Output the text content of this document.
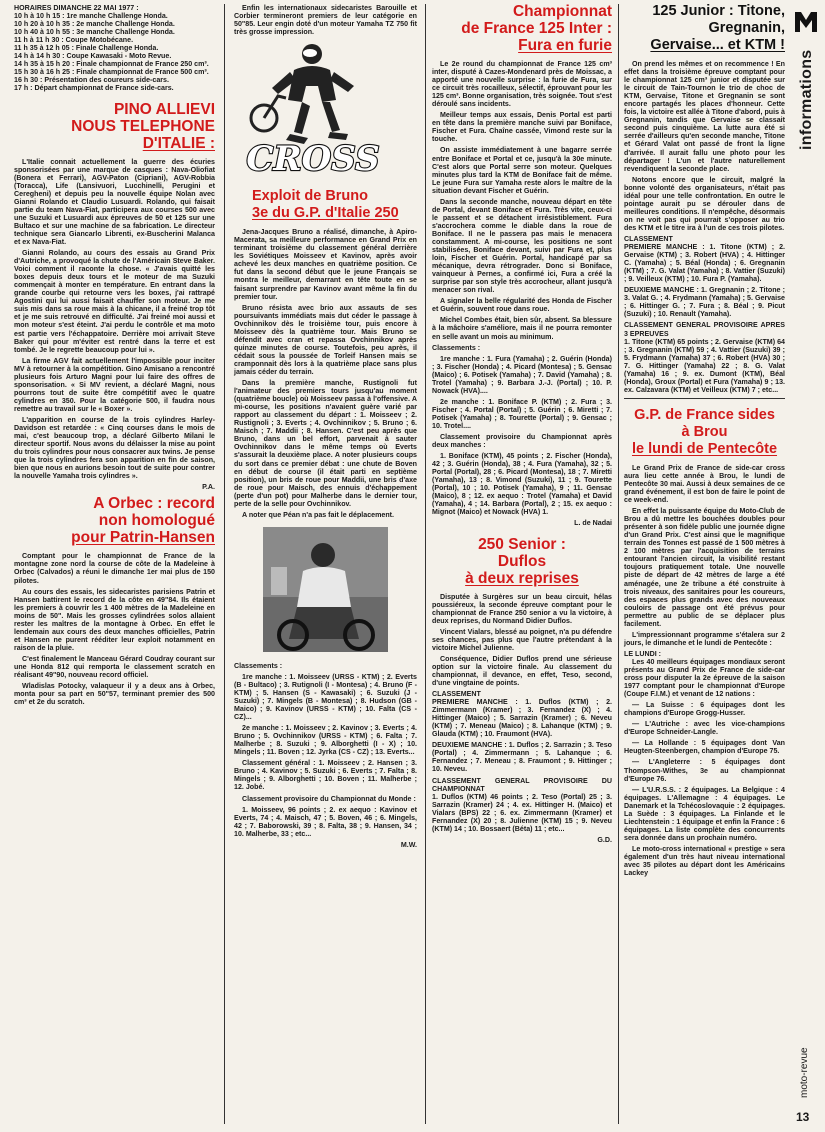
HORAIRES DIMANCHE 22 MAI 1977 :

10 h à 10 h 15 : 1re manche Challenge Honda.

10 h 20 à 10 h 35 : 2e manche Challenge Honda.

10 h 40 à 10 h 55 : 3e manche Challenge Honda.

11 h à 11 h 30 : Coupe Motobécane.

11 h 35 à 12 h 05 : Finale Challenge Honda.

14 h à 14 h 30 : Coupe Kawasaki - Moto Revue.

14 h 35 à 15 h 20 : Finale championnat de France 250 cm³.

15 h 30 à 16 h 25 : Finale championnat de France 500 cm³.

16 h 30 : Présentation des coureurs side-cars.

17 h : Départ championnat de France side-cars.

PINO ALLIEVI
NOUS TELEPHONE
D'ITALIE :

L'Italie connait actuellement la guerre des écuries sponsorisées par une marque de casques : Nava-Oliofiat (Bonera et Ferrari), AGV-Paton (Cipriani), AGV-Robbia (Toracca), Life (Lansivuori, Lucchinelli, Perugini et Ceregheni) et depuis peu la nouvelle équipe Nolan avec Gianni Rolando et Claudio Lusuardi. Rolando, qui faisait partie du team Nava-Fiat, participera aux courses 500 avec une Suzuki et Lusuardi aux épreuves de 50 et 125 sur une Bultaco et sur une machine de sa fabrication. Le directeur technique sera Giancarlo Librenti, ex-Buscherini Malanca et ex Nava-Fiat.

Gianni Rolando, au cours des essais au Grand Prix d'Autriche, a provoqué la chute de l'Américain Steve Baker. Voici comment il raconte la chose. « J'avais quitté les boxes depuis deux tours et le moteur de ma Suzuki commençait à monter en température. En entrant dans la grande courbe qui retourne vers les boxes, j'ai rattrapé Agostini qui lui aussi faisait chauffer son moteur. Je me suis mis dans sa roue mais à la chicane, il a freiné trop tôt et je me suis retrouvé en difficulté. J'ai freiné moi aussi et mon moteur s'est éteint. J'ai perdu le contrôle et ma moto est partie vers l'échappatoire. Derrière moi arrivait Steve Baker qui pour m'éviter est rentré dans la terre et est tombé. Je le regrette beaucoup pour lui ».

La firme AGV fait actuellement l'impossible pour inciter MV à retourner à la compétition. Gino Amisano a rencontré plusieurs fois Arturo Magni pour lui faire des offres de sponsorisation. « Si MV revient, a déclaré Magni, nous pourrons tout de suite être compétitif avec le quatre cylindres en 350. Pour la catégorie 500, il faudra nous remettre au travail sur le « Boxer ».

L'apparition en course de la trois cylindres Harley-Davidson est retardée : « Cinq courses dans le mois de mai, c'est beaucoup trop, a déclaré Gilberto Milani le directeur sportif. Nous avons du délaisser la mise au point du trois cylindres pour nous consacrer aux twins. Je pense que la trois cylindres fera son apparition en fin de saison, bien que nous en aurions besoin tout de suite pour contrer la nouvelle Yamaha trois cylindres ».

P.A.
A Orbec : record
non homologué
pour Patrin-Hansen

Comptant pour le championnat de France de la montagne zone nord la course de côte de la Madeleine à Orbec (Calvados) a réuni le dimanche 1er mai plus de 150 pilotes.

Au cours des essais, les sidecaristes parisiens Patrin et Hansen battirent le record de la côte en 49"84. Ils étaient les premiers à couvrir les 1 400 mètres de la Madeleine en moins de 50". Mais les grosses cylindrées solos allaient rester les maîtres de la montagne à Orbec. En effet le lendemain aux cours des deux manches officielles, Patrin et Hansen ne purent rééditer leur exploit notamment en raison de la pluie.

C'est finalement le Manceau Gérard Coudray courant sur une Honda 812 qui remporta le classement scratch en réalisant 49"90, nouveau record officiel.

Wladislas Potocky, valaqueur il y a deux ans à Orbec, monta pour sa part en 50"57, terminant premier des 500 cm³ et 2e du scratch.

Enfin les internationaux sidecaristes Barouille et Corbier termineront premiers de leur catégorie en 50"85. Leur engin doté d'un moteur Yamaha TZ 750 fit très grosse impression.

CROSS
Exploit de Bruno
3e du G.P. d'Italie 250

Jena-Jacques Bruno a réalisé, dimanche, à Apiro-Macerata, sa meilleure performance en Grand Prix en terminant troisième du classement général derrière les Soviétiques Moisseev et Kavinov, après avoir achevé les deux manches en quatrième position. Ce fut dans la second début que le jeune Français se montra le meilleur, demarrant en tête toute en se faisant surprendre par Kavinov avant même la fin du premier tour.

Bruno résista avec brio aux assauts de ses poursuivants immédiats mais dut céder le passage à Ovchinnikov dès le troisième tour, puis encore à Moisseev dès la quatrième tour. Mais Bruno se défendit avec cran et repassa Ovchinnikov après quinze minutes de course. Toutefois, peu après, il cédait sous la poussée de Torleif Hansen mais se cramponnait dès lors à la quatrième place sans plus jamais céder du terrain.

Dans la première manche, Rustignoli fut l'animateur des premiers tours jusqu'au moment (quatrième boucle) où Moisseev passa à l'offensive. A mi-course, les positions n'avaient guère varié par rapport au classement du départ : 1. Moisseev ; 2. Rustignoli ; 3. Everts ; 4. Ovchinnikov ; 5. Bruno ; 6. Maisch ; 7. Maddii ; 8. Hansen. C'est peu après que Bruno, dans un bel effort, parvenait à sauter Ovchinnikov dans le même temps où Everts s'assurait la deuxième place. A noter plusieurs coups du sort dans ce premier débat : une chute de Boven en début de course (il était parti en septième position), un bris de roue pour Maddii, une bris d'axe de roue pour Maisch, des ennuis d'échappement (perte d'un pot) pour Malherbe dans le dernier tour, perte de la selle pour Ovchinnikov.

A noter que Péan n'a pas fait le déplacement.

Classements :

1re manche : 1. Moisseev (URSS - KTM) ; 2. Everts (B - Bultaco) ; 3. Rutignoli (I - Montesa) ; 4. Bruno (F - KTM) ; 5. Hansen (S - Kawasaki) ; 6. Suzuki (J - Suzuki) ; 7. Mingels (B - Montesa) ; 8. Hudson (GB - Maico) ; 9. Kavinov (URSS - KTM) ; 10. Falta (CS - CZ)...

2e manche : 1. Moisseev ; 2. Kavinov ; 3. Everts ; 4. Bruno ; 5. Ovchinnikov (URSS - KTM) ; 6. Falta ; 7. Malherbe ; 8. Suzuki ; 9. Alborghetti (I - X) ; 10. Mingels ; 11. Boven ; 12. Jyrka (CS - CZ) ; 13. Everts...

Classement général : 1. Moisseev ; 2. Hansen ; 3. Bruno ; 4. Kavinov ; 5. Suzuki ; 6. Everts ; 7. Falta ; 8. Mingels ; 9. Alborghetti ; 10. Boven ; 11. Malherbe ; 12. Jobé.

Classement provisoire du Championnat du Monde :

1. Moisseev, 96 points ; 2. ex aequo : Kavinov et Everts, 74 ; 4. Maisch, 47 ; 5. Boven, 46 ; 6. Mingels, 42 ; 7. Baborowski, 39 ; 8. Falta, 38 ; 9. Hansen, 34 ; 10. Malherbe, 33 ; etc...

M.W.
Championnat
de France 125 Inter :
Fura en furie

Le 2e round du championnat de France 125 cm³ inter, disputé à Cazes-Mondenard près de Moissac, a apporté une nouvelle surprise : la furie de Fura, sur ce circuit très rocailleux, sélectif, éprouvant pour les 125 cm³. Bonne organisation, très soignée. Tout s'est déroulé sans incidents.

Meilleur temps aux essais, Denis Portal est parti en tête dans la première manche suivi par Boniface, Fischer et Fura. Chaîne cassée, Vimond reste sur la touche.

On assiste immédiatement à une bagarre serrée entre Boniface et Portal et ce, jusqu'à la 30e minute. C'est alors que Portal serre son moteur. Quelques minutes plus tard la KTM de Boniface fait de même. Le jeune Fura sur Yamaha reste alors le maître de la situation devant Fischer et Guérin.

Dans la seconde manche, nouveau départ en tête de Portal, devant Boniface et Fura. Très vite, ceux-ci le passent et se détachent irrésistiblement. Fura s'accrochera comme le diable dans la roue de Boniface. Il ne le passera pas mais le menacera constamment. A mi-course, les positions ne sont stabilisées, Boniface devant, suivi par Fura et, plus loin, Fischer et Guérin. Portal, handicapé par sa mécanique, devra rétrograder. Donc si Boniface, vainqueur à Pernes, a confirmé ici, Fura a créé la surprise par son style très accrocheur, allant jusqu'à menacer son rival.

A signaler la belle régularité des Honda de Fischer et Guérin, souvent roue dans roue.

Michel Combes était, bien sûr, absent. Sa blessure à la mâchoire s'améliore, mais il ne pourra remonter en selle avant un mois au minimum.

Classements :

1re manche : 1. Fura (Yamaha) ; 2. Guérin (Honda) ; 3. Fischer (Honda) ; 4. Picard (Montesa) ; 5. Gensac (Maico) ; 6. Potisek (Yamaha) ; 7. David (Yamaha) ; 8. Trotel (Yamaha) ; 9. Barbara J.-J. (Portal) ; 10. P. Nowack (HVA)....

2e manche : 1. Boniface P. (KTM) ; 2. Fura ; 3. Fischer ; 4. Portal (Portal) ; 5. Guérin ; 6. Miretti ; 7. Potisek (Yamaha) ; 8. Tourette (Portal) ; 9. Gensac ; 10. Trotel....

Classement provisoire du Championnat après deux manches :

1. Boniface (KTM), 45 points ; 2. Fischer (Honda), 42 ; 3. Guérin (Honda), 38 ; 4. Fura (Yamaha), 32 ; 5. Portal (Portal), 28 ; 6. Picard (Montesa), 18 ; 7. Miretti (Yamaha), 13 ; 8. Vimond (Suzuki), 11 ; 9. Tourette (Portal), 10 ; 10. Potisek (Yamaha), 9 ; 11. Gensac (Maico), 8 ; 12. ex aequo : Trotel (Yamaha) et David (Yamaha), 4 ; 14. Barbara (Portal), 2 ; 15. ex aequo : Mignot (Maico) et Nowack (HVA) 1.

L. de Nadai
250 Senior :
Duflos
à deux reprises

Disputée à Surgères sur un beau circuit, hélas poussiéreux, la seconde épreuve comptant pour le championnat de France 250 senior a vu la victoire, à deux reprises, du Normand Didier Duflos.

Vincent Vialars, blessé au poignet, n'a pu défendre ses chances, pas plus que l'autre prétendant à la victoire Michel Julienne.

Conséquence, Didier Duflos prend une sérieuse option sur la victoire finale. Au classement du championnat, il devance, en effet, Teso, second, d'une vingtaine de points.

CLASSEMENT

PREMIERE MANCHE : 1. Duflos (KTM) ; 2. Zimmermann (Kramer) ; 3. Fernandez (X) ; 4. Hittinger (Maico) ; 5. Sarrazin (Kramer) ; 6. Neveu (KTM) ; 7. Meneau (Maico) ; 8. Lahanque (KTM) ; 9. Glauda (KTM) ; 10. Fraumont (HVA).

DEUXIEME MANCHE : 1. Duflos ; 2. Sarrazin ; 3. Teso (Portal) ; 4. Zimmermann ; 5. Lahanque ; 6. Fernandez ; 7. Meneau ; 8. Fraumont ; 9. Hittinger ; 10. Neveu.

CLASSEMENT GENERAL PROVISOIRE DU CHAMPIONNAT

1. Duflos (KTM) 46 points ; 2. Teso (Portal) 25 ; 3. Sarrazin (Kramer) 24 ; 4. ex. Hittinger H. (Maico) et Vialars (BPS) 22 ; 6. ex. Zimmermann (Kramer) et Fernandez (X) 20 ; 8. Julienne (KTM) 15 ; 9. Neveu (KTM) 14 ; 10. Bossaert (Béta) 11 ; etc...

G.D.
125 Junior : Titone,
Gregnanin,
Gervaise... et KTM !

On prend les mêmes et on recommence ! En effet dans la troisième épreuve comptant pour le championnat 125 cm³ junior et disputée sur le circuit de Tain-Tournon le trio de choc de KTM, Gervaise, Titone et Gregnanin se sont encore partagés les places d'honneur. Cette fois, la victoire est allée à Titone d'abord, puis à Gregnanin, tandis que Gervaise se classait second puis cinquième. La lutte aura été si serrée d'ailleurs qu'en seconde manche, Titone et Gérard Valat ont passé de front la ligne d'arrivée. Il aurait fallu une photo pour les départager ! L'un et l'autre naturellement revendiquent la seconde place.

Notons encore que le circuit, malgré la bonne volonté des organisateurs, n'était pas idéal pour une telle confrontation. En outre le pointage aurait pu se dérouler dans de meilleures conditions. Il n'empêche, désormais on ne voit pas qui pourrait s'opposer au trio des KTM et le titre ira à l'un de ces trois pilotes.

CLASSEMENT

PREMIERE MANCHE : 1. Titone (KTM) ; 2. Gervaise (KTM) ; 3. Robert (HVA) ; 4. Hittinger C. (Yamaha) ; 5. Béal (Honda) ; 6. Gregnanin (KTM) ; 7. G. Valat (Yamaha) ; 8. Vattier (Suzuki) ; 9. Veilleux (KTM) ; 10. Fura P. (Yamaha).

DEUXIEME MANCHE : 1. Gregnanin ; 2. Titone ; 3. Valat G. ; 4. Frydmann (Yamaha) ; 5. Gervaise ; 6. Hittinger G. ; 7. Fura ; 8. Béal ; 9. Picut (Suzuki) ; 10. Renault (Yamaha).

CLASSEMENT GENERAL PROVISOIRE APRES 3 EPREUVES

1. Titone (KTM) 65 points ; 2. Gervaise (KTM) 64 ; 3. Gregnanin (KTM) 59 ; 4. Vattier (Suzuki) 39 ; 5. Frydmann (Yamaha) 37 ; 6. Robert (HVA) 30 ; 7. G. Hittinger (Yamaha) 22 ; 8. G. Valat (Yamaha) 16 ; 9. ex. Dumont (KTM), Béal (Honda), Groux (Portal) et Fura (Yamaha) 9 ; 13. ex. Calzavara (KTM) et Veilleux (KTM) 7 ; etc...

G.P. de France sides
à Brou
le lundi de Pentecôte

Le Grand Prix de France de side-car cross aura lieu cette année à Brou, le lundi de Pentecôte 30 mai. Aussi à deux semaines de ce grand événement, il est bon de faire le point de ce week-end.

En effet la puissante équipe du Moto-Club de Brou a dû mettre les bouchées doubles pour présenter à son fidèle public une journée digne d'un Grand Prix. C'est ainsi que le magnifique terrain des Tonnes est passé de 1 500 mètres à 2 100 mètres par l'acquisition de terrains entourant l'ancien circuit, la visibilité restant toujours pratiquement totale. Une nouvelle piste de départ de 42 mètres de large a été aménagée, une 2e tribune a été construite à trois niveaux, des sanitaires pour les coureurs, des espaces plus grands avec des nouveaux couloirs de passage ont été prévus pour permettre au public de se déplacer plus facilement.

L'impressionnant programme s'étalera sur 2 jours, le dimanche et le lundi de Pentecôte :

LE LUNDI :

Les 40 meilleurs équipages mondiaux seront présents au Grand Prix de France de side-car cross pour disputer la 2e épreuve de la saison 1977 comptant pour le championnat d'Europe (Coupe F.I.M.) et venant de 12 nations :

— La Suisse : 6 équipages dont les champions d'Europe Grogg-Husser.

— L'Autriche : avec les vice-champions d'Europe Schneider-Langle.

— La Hollande : 5 équipages dont Van Heugten-Steenbergen, champion d'Europe 75.

— L'Angleterre : 5 équipages dont Thompson-Withes, 3e au championnat d'Europe 76.

— L'U.R.S.S. : 2 équipages. La Belgique : 4 équipages. L'Allemagne : 4 équipages. Le Danemark et la Tchécoslovaquie : 2 équipages. La Suède : 3 équipages. La Finlande et le Liechtenstein : 1 équipage et enfin la France : 6 équipages. La liste complète des concurrents sera donnée dans un prochain numéro.

Le moto-cross international « prestige » sera également d'un très haut niveau international avec 35 pilotes au départ dont les Américains Lackey

informations
moto-revue
13
